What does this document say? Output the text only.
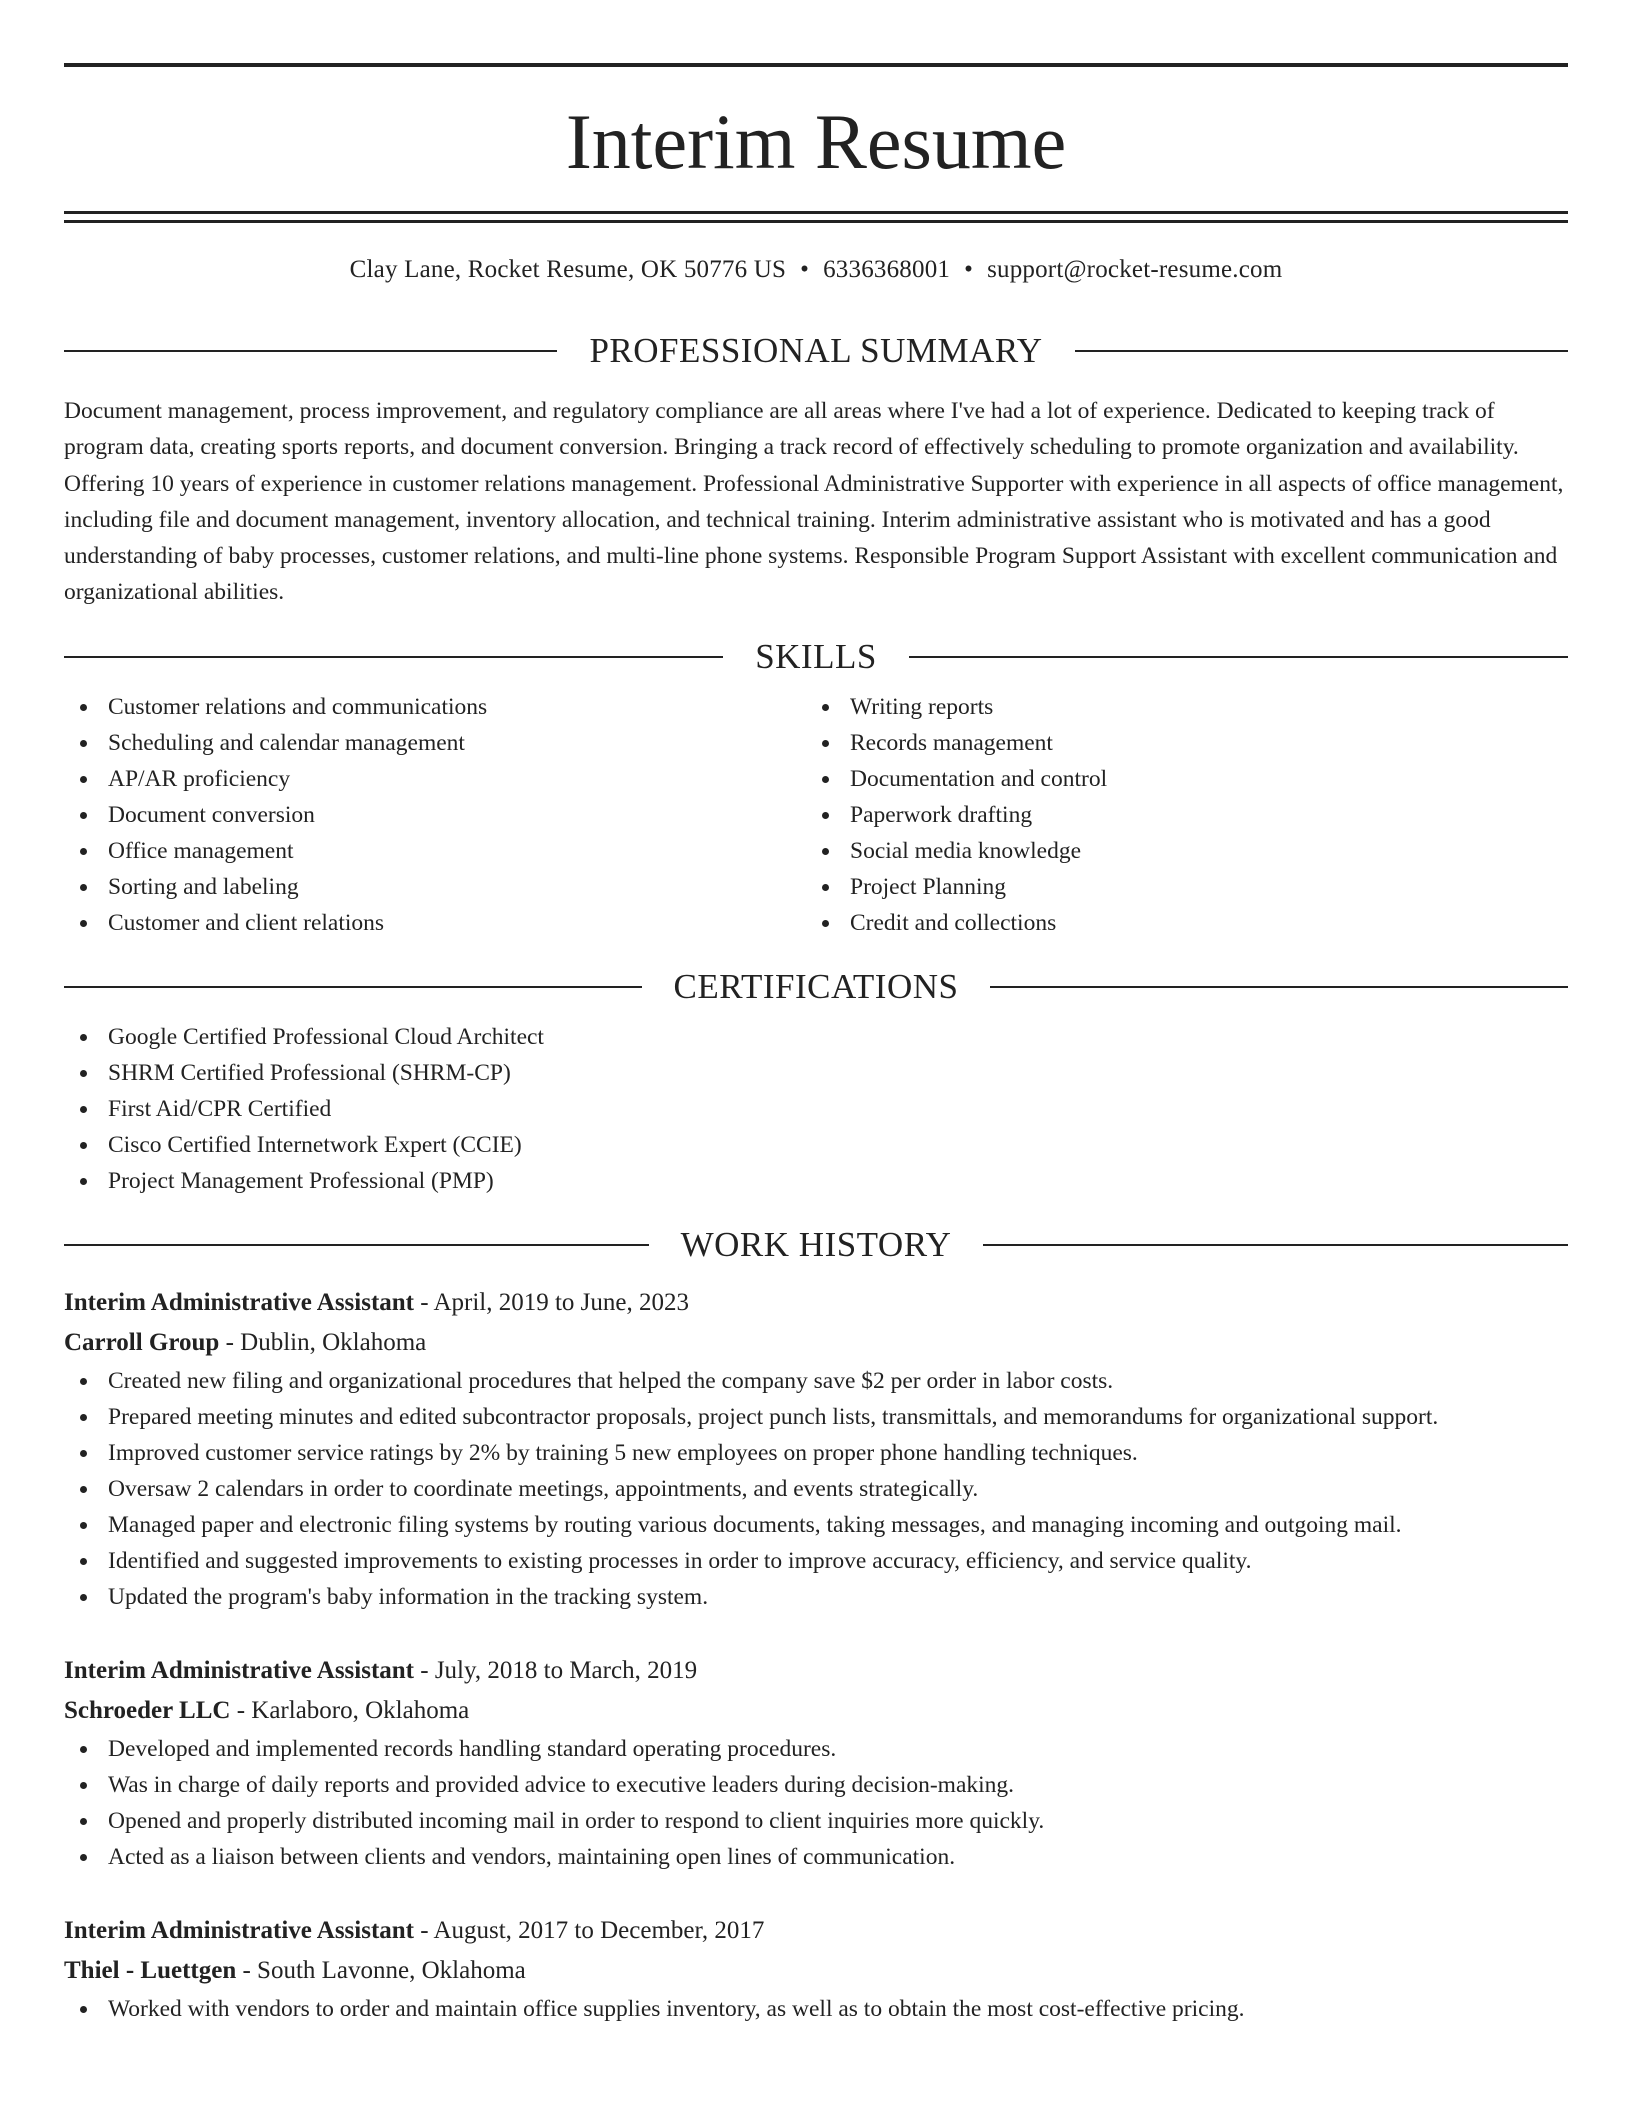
Interim Resume
Clay Lane, Rocket Resume, OK 50776 US • 6336368001 • support@rocket-resume.com
PROFESSIONAL SUMMARY

Document management, process improvement, and regulatory compliance are all areas where I've had a lot of experience. Dedicated to keeping track of program data, creating sports reports, and document conversion. Bringing a track record of effectively scheduling to promote organization and availability. Offering 10 years of experience in customer relations management. Professional Administrative Supporter with experience in all aspects of office management, including file and document management, inventory allocation, and technical training. Interim administrative assistant who is motivated and has a good understanding of baby processes, customer relations, and multi-line phone systems. Responsible Program Support Assistant with excellent communication and organizational abilities.

SKILLS
Customer relations and communications
Scheduling and calendar management
AP/AR proficiency
Document conversion
Office management
Sorting and labeling
Customer and client relations
Writing reports
Records management
Documentation and control
Paperwork drafting
Social media knowledge
Project Planning
Credit and collections
CERTIFICATIONS
Google Certified Professional Cloud Architect
SHRM Certified Professional (SHRM-CP)
First Aid/CPR Certified
Cisco Certified Internetwork Expert (CCIE)
Project Management Professional (PMP)
WORK HISTORY
Interim Administrative Assistant - April, 2019 to June, 2023
Carroll Group - Dublin, Oklahoma
Created new filing and organizational procedures that helped the company save $2 per order in labor costs.
Prepared meeting minutes and edited subcontractor proposals, project punch lists, transmittals, and memorandums for organizational support.
Improved customer service ratings by 2% by training 5 new employees on proper phone handling techniques.
Oversaw 2 calendars in order to coordinate meetings, appointments, and events strategically.
Managed paper and electronic filing systems by routing various documents, taking messages, and managing incoming and outgoing mail.
Identified and suggested improvements to existing processes in order to improve accuracy, efficiency, and service quality.
Updated the program's baby information in the tracking system.
Interim Administrative Assistant - July, 2018 to March, 2019
Schroeder LLC - Karlaboro, Oklahoma
Developed and implemented records handling standard operating procedures.
Was in charge of daily reports and provided advice to executive leaders during decision-making.
Opened and properly distributed incoming mail in order to respond to client inquiries more quickly.
Acted as a liaison between clients and vendors, maintaining open lines of communication.
Interim Administrative Assistant - August, 2017 to December, 2017
Thiel - Luettgen - South Lavonne, Oklahoma
Worked with vendors to order and maintain office supplies inventory, as well as to obtain the most cost-effective pricing.
